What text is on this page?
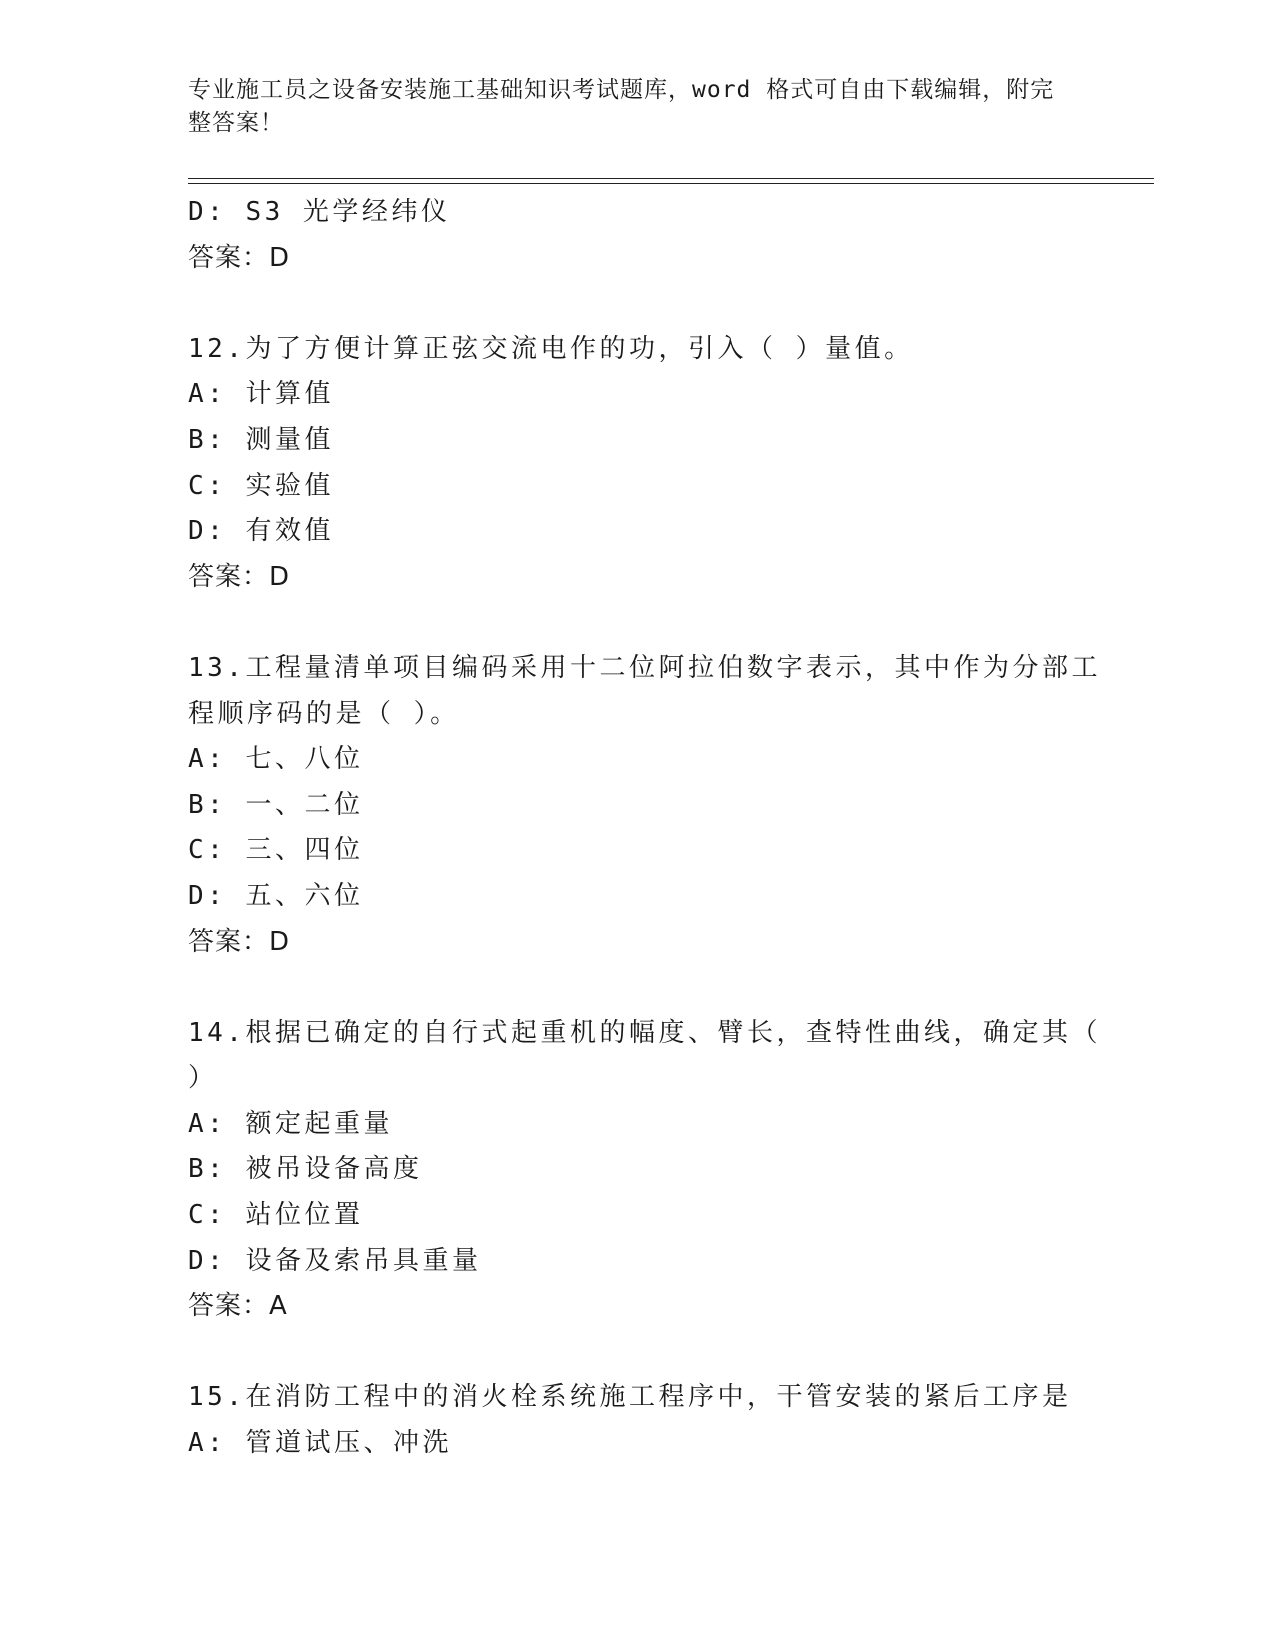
专业施工员之设备安装施工基础知识考试题库，word 格式可自由下载编辑，附完整答案！
D: S3 光学经纬仪
答案：D
12.为了方便计算正弦交流电作的功，引入（ ）量值。
A: 计算值
B: 测量值
C: 实验值
D: 有效值
答案：D
13.工程量清单项目编码采用十二位阿拉伯数字表示，其中作为分部工
程顺序码的是（ ）。
A: 七、八位
B: 一、二位
C: 三、四位
D: 五、六位
答案：D
14.根据已确定的自行式起重机的幅度、臂长，查特性曲线，确定其（
）
A: 额定起重量
B: 被吊设备高度
C: 站位位置
D: 设备及索吊具重量
答案：A
15.在消防工程中的消火栓系统施工程序中，干管安装的紧后工序是
A: 管道试压、冲洗
